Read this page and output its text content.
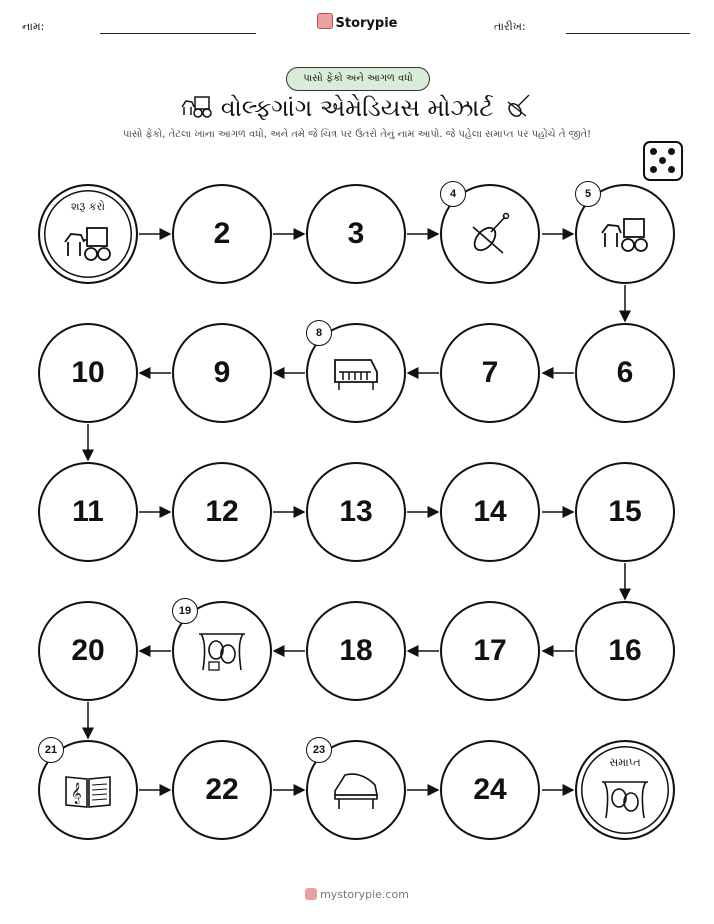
નામ:	Storypie	તારીખ:
પાસો ફેંકો અને આગળ વધો
વોલ્ફગાંગ એમેડિયસ મોઝાર્ટ
પાસો ફેંકો, તેટલા ખાના આગળ વધો, અને તમે જે ચિત્ર પર ઉતરો તેનું નામ આપો. જે પહેલા સમાપ્ત પર પહોંચે તે જીતે!
શરૂ કરો
2	3
4	5
10	9
8
7	6
11	12	13	14	15
20
19
18	17	16
21
𝄞	22
23
24
સમાપ્ત
mystorypie.com
